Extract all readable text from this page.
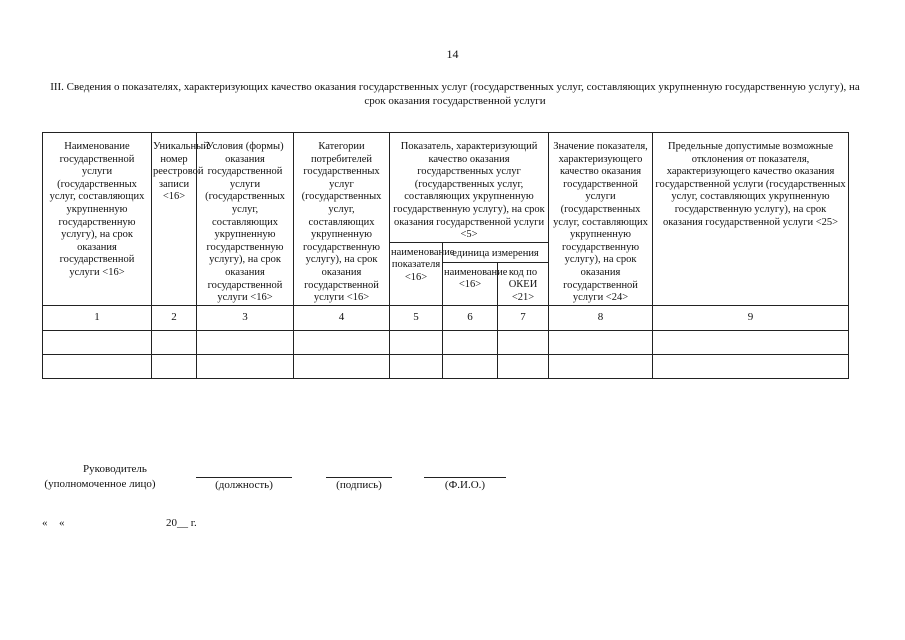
14
III. Сведения о показателях, характеризующих качество оказания государственных услуг (государственных услуг, составляющих укрупненную государственную услугу), на срок оказания государственной услуги
Наименование государственной услуги (государственных услуг, составляющих укрупненную государственную услугу), на срок оказания государственной услуги <16>	Уникальный номер реестровой записи <16>	Условия (формы) оказания государственной услуги (государственных услуг, составляющих укрупненную государственную услугу), на срок оказания государственной услуги <16>	Категории потребителей государственных услуг (государственных услуг, составляющих укрупненную государственную услугу), на срок оказания государственной услуги <16>	Показатель, характеризующий качество оказания государственных услуг (государственных услуг, составляющих укрупненную государственную услугу), на срок оказания государственной услуги <5>			Значение показателя, характеризующего качество оказания государственной услуги (государственных услуг, составляющих укрупненную государственную услугу), на срок оказания государственной услуги <24>	Предельные допустимые возможные отклонения от показателя, характеризующего качество оказания государственной услуги (государственных услуг, составляющих укрупненную государственную услугу), на срок оказания государственной услуги <25>
				наименование показателя <16>	единица измерения			
					наименование <16>	код по ОКЕИ <21>		
1	2	3	4	5	6	7	8	9

Руководитель
(уполномоченное лицо)	(должность)	(подпись)	(Ф.И.О.)
« «	20__ г.
